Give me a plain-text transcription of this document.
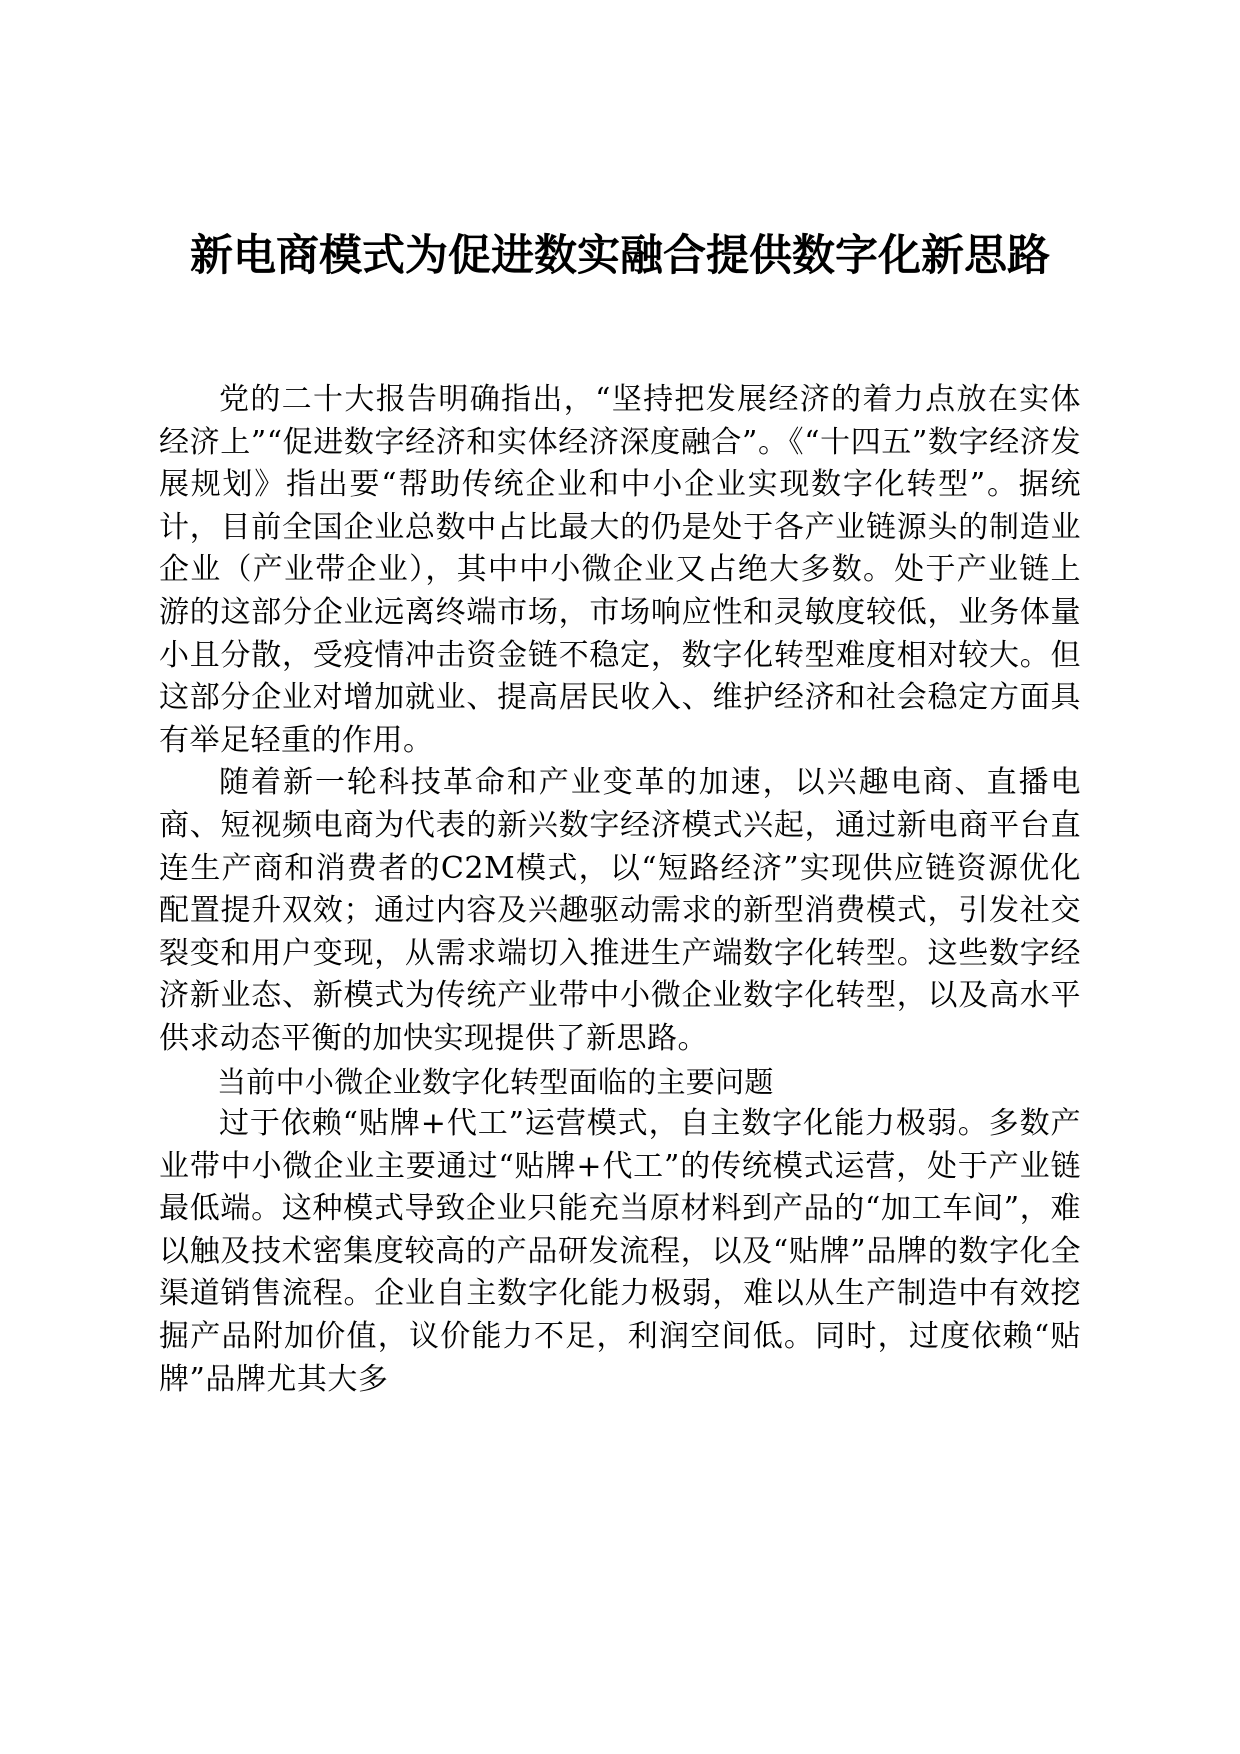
新电商模式为促进数实融合提供数字化新思路

党的二十大报告明确指出，“坚持把发展经济的着力点放在实体经济上”“促进数字经济和实体经济深度融合”。《“十四五”数字经济发展规划》指出要“帮助传统企业和中小企业实现数字化转型”。据统计，目前全国企业总数中占比最大的仍是处于各产业链源头的制造业企业（产业带企业），其中中小微企业又占绝大多数。处于产业链上游的这部分企业远离终端市场，市场响应性和灵敏度较低，业务体量小且分散，受疫情冲击资金链不稳定，数字化转型难度相对较大。但这部分企业对增加就业、提高居民收入、维护经济和社会稳定方面具有举足轻重的作用。

随着新一轮科技革命和产业变革的加速，以兴趣电商、直播电商、短视频电商为代表的新兴数字经济模式兴起，通过新电商平台直连生产商和消费者的C2M模式，以“短路经济”实现供应链资源优化配置提升双效；通过内容及兴趣驱动需求的新型消费模式，引发社交裂变和用户变现，从需求端切入推进生产端数字化转型。这些数字经济新业态、新模式为传统产业带中小微企业数字化转型，以及高水平供求动态平衡的加快实现提供了新思路。

当前中小微企业数字化转型面临的主要问题

过于依赖“贴牌+代工”运营模式，自主数字化能力极弱。多数产业带中小微企业主要通过“贴牌+代工”的传统模式运营，处于产业链最低端。这种模式导致企业只能充当原材料到产品的“加工车间”，难以触及技术密集度较高的产品研发流程，以及“贴牌”品牌的数字化全渠道销售流程。企业自主数字化能力极弱，难以从生产制造中有效挖掘产品附加价值，议价能力不足，利润空间低。同时，过度依赖“贴牌”品牌尤其大多
